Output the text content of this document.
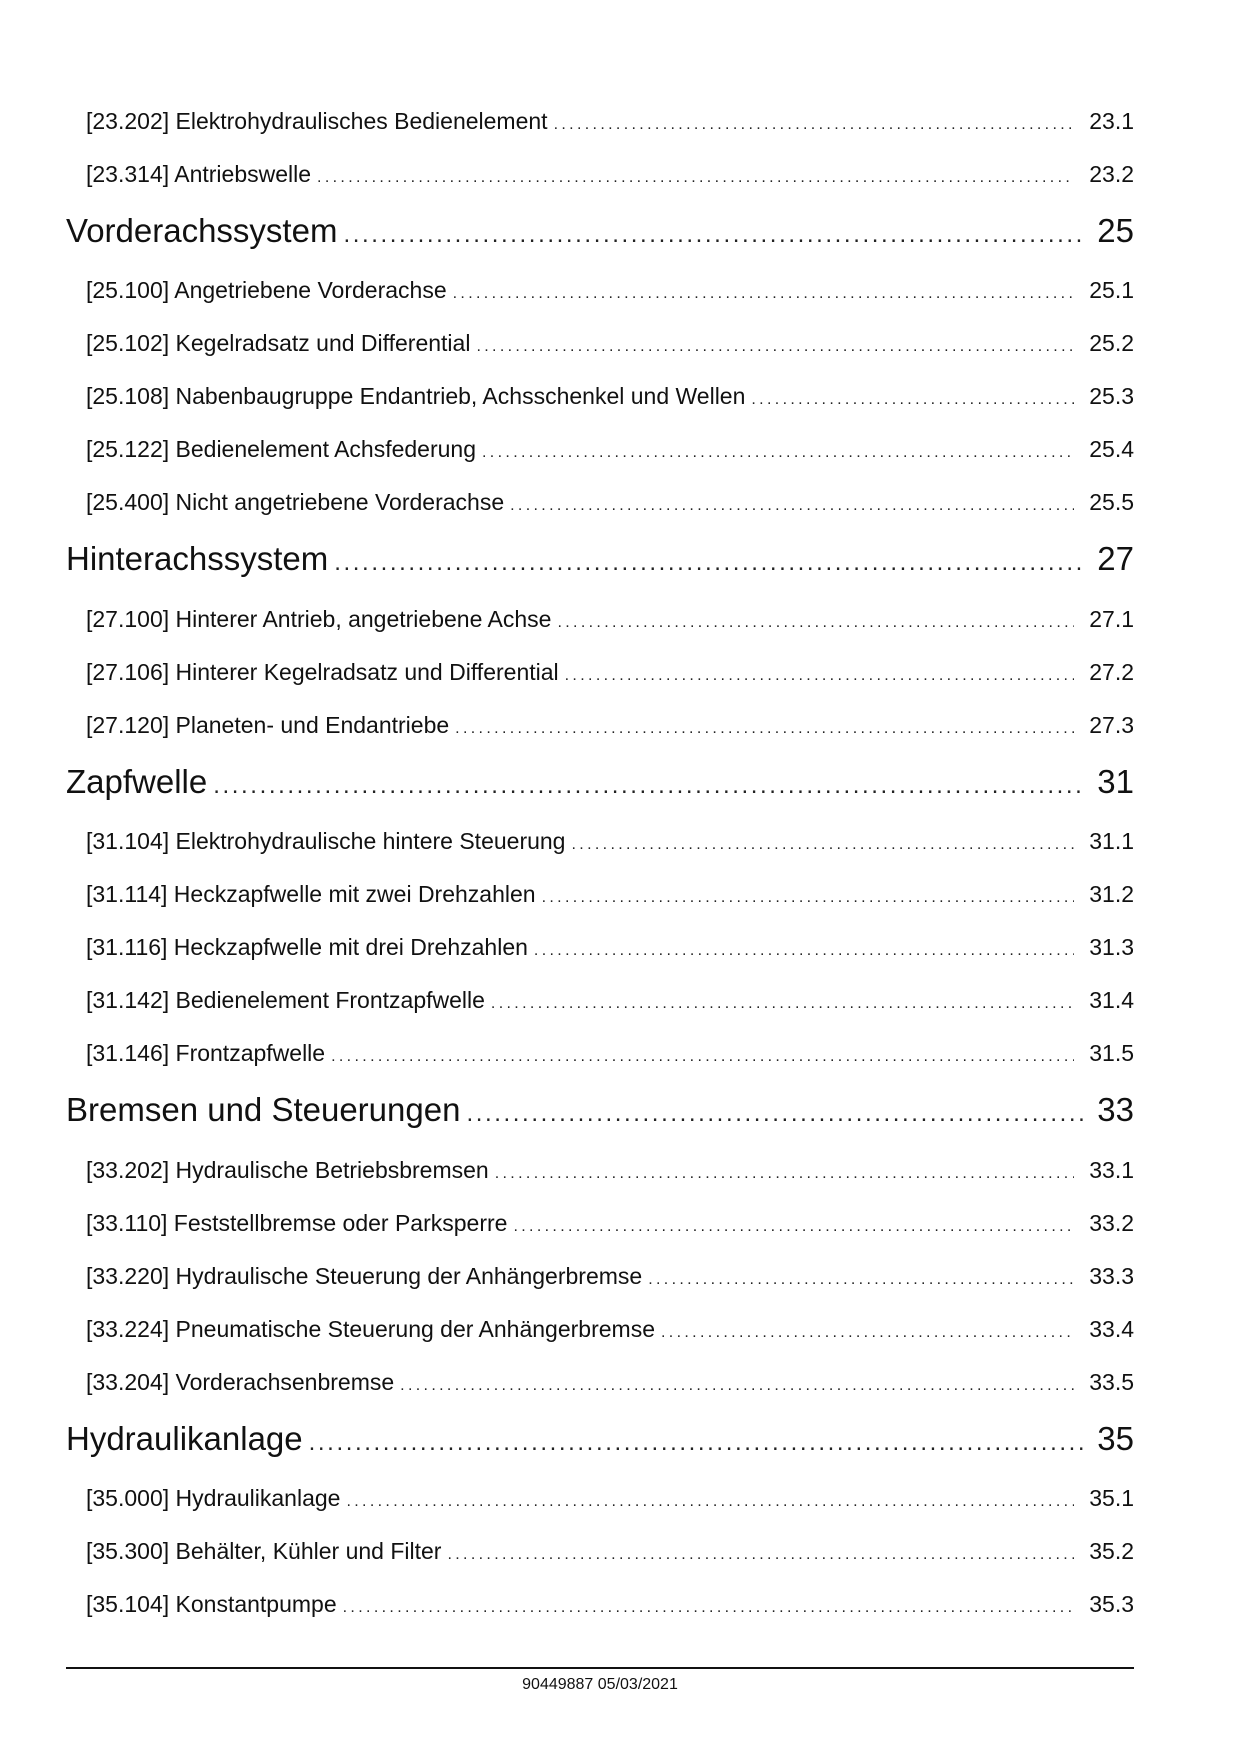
[23.202] Elektrohydraulisches Bedienelement .....	23.1
[23.314] Antriebswelle .....	23.2
Vorderachssystem .....	25
[25.100] Angetriebene Vorderachse .....	25.1
[25.102] Kegelradsatz und Differential .....	25.2
[25.108] Nabenbaugruppe Endantrieb, Achsschenkel und Wellen .....	25.3
[25.122] Bedienelement Achsfederung .....	25.4
[25.400] Nicht angetriebene Vorderachse .....	25.5
Hinterachssystem .....	27
[27.100] Hinterer Antrieb, angetriebene Achse .....	27.1
[27.106] Hinterer Kegelradsatz und Differential .....	27.2
[27.120] Planeten- und Endantriebe .....	27.3
Zapfwelle .....	31
[31.104] Elektrohydraulische hintere Steuerung .....	31.1
[31.114] Heckzapfwelle mit zwei Drehzahlen .....	31.2
[31.116] Heckzapfwelle mit drei Drehzahlen .....	31.3
[31.142] Bedienelement Frontzapfwelle .....	31.4
[31.146] Frontzapfwelle .....	31.5
Bremsen und Steuerungen .....	33
[33.202] Hydraulische Betriebsbremsen .....	33.1
[33.110] Feststellbremse oder Parksperre .....	33.2
[33.220] Hydraulische Steuerung der Anhängerbremse .....	33.3
[33.224] Pneumatische Steuerung der Anhängerbremse .....	33.4
[33.204] Vorderachsenbremse .....	33.5
Hydraulikanlage .....	35
[35.000] Hydraulikanlage .....	35.1
[35.300] Behälter, Kühler und Filter .....	35.2
[35.104] Konstantpumpe .....	35.3
90449887 05/03/2021
